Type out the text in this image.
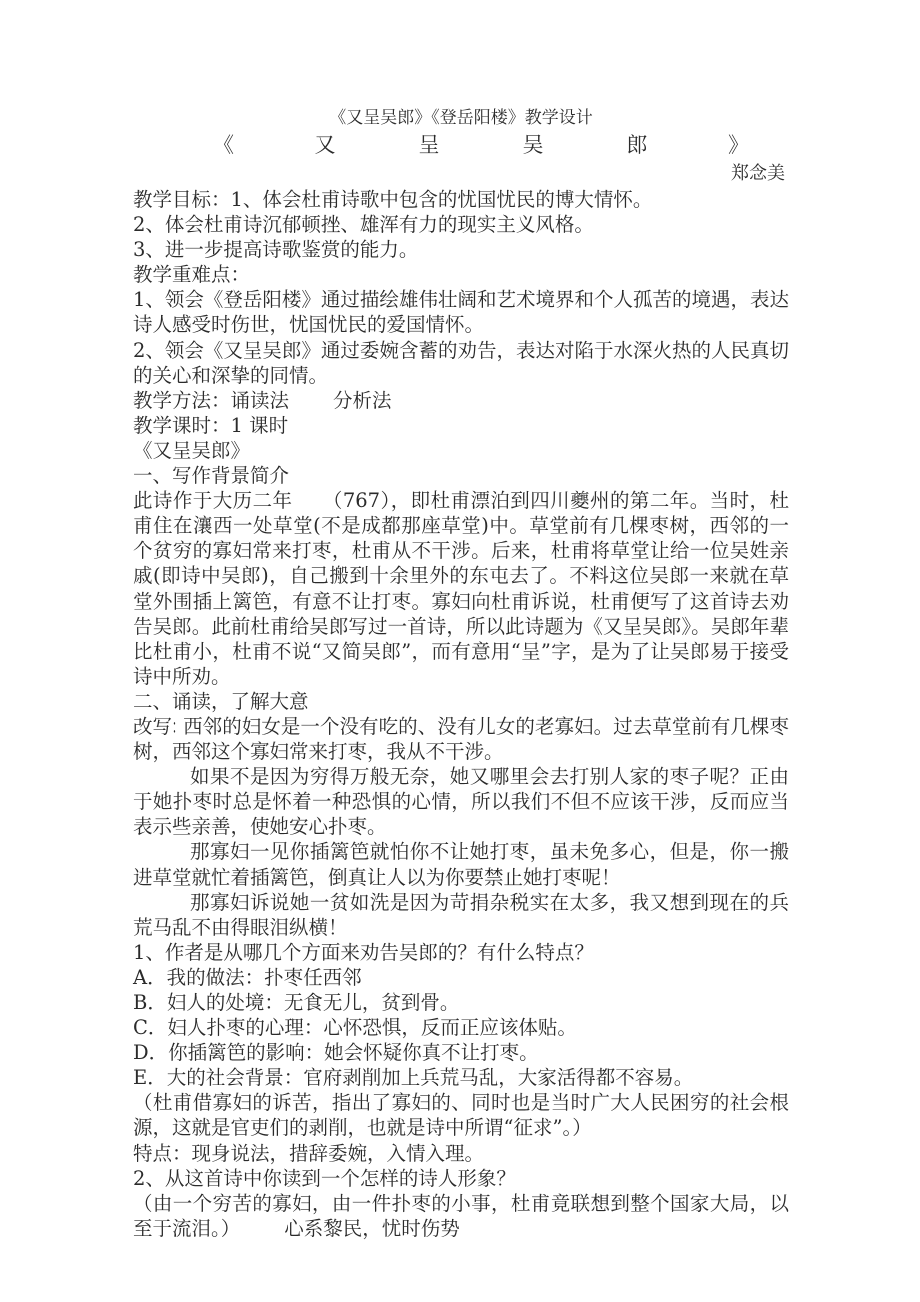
《又呈吴郎》《登岳阳楼》教学设计

《	又	呈	吴	郎	》

郑念美

教学目标：1、体会杜甫诗歌中包含的忧国忧民的博大情怀。

2、体会杜甫诗沉郁顿挫、雄浑有力的现实主义风格。

3、进一步提高诗歌鉴赏的能力。

教学重难点：

1、领会《登岳阳楼》通过描绘雄伟壮阔和艺术境界和个人孤苦的境遇，表达诗人感受时伤世，忧国忧民的爱国情怀。

2、领会《又呈吴郎》通过委婉含蓄的劝告，表达对陷于水深火热的人民真切的关心和深挚的同情。

教学方法：诵读法 分析法

教学课时：1 课时

《又呈吴郎》

一、写作背景简介

此诗作于大历二年 （767），即杜甫漂泊到四川夔州的第二年。当时，杜甫住在瀼西一处草堂(不是成都那座草堂)中。草堂前有几棵枣树，西邻的一个贫穷的寡妇常来打枣，杜甫从不干涉。后来，杜甫将草堂让给一位吴姓亲戚(即诗中吴郎)，自己搬到十余里外的东屯去了。不料这位吴郎一来就在草堂外围插上篱笆，有意不让打枣。寡妇向杜甫诉说，杜甫便写了这首诗去劝告吴郎。此前杜甫给吴郎写过一首诗，所以此诗题为《又呈吴郎》。吴郎年辈比杜甫小，杜甫不说“又简吴郎”，而有意用“呈”字，是为了让吴郎易于接受诗中所劝。

二、诵读，了解大意

改写：西邻的妇女是一个没有吃的、没有儿女的老寡妇。过去草堂前有几棵枣树，西邻这个寡妇常来打枣，我从不干涉。

如果不是因为穷得万般无奈，她又哪里会去打别人家的枣子呢？正由于她扑枣时总是怀着一种恐惧的心情，所以我们不但不应该干涉，反而应当表示些亲善，使她安心扑枣。

那寡妇一见你插篱笆就怕你不让她打枣，虽未免多心，但是，你一搬进草堂就忙着插篱笆，倒真让人以为你要禁止她打枣呢！

那寡妇诉说她一贫如洗是因为苛捐杂税实在太多，我又想到现在的兵荒马乱不由得眼泪纵横！

1、作者是从哪几个方面来劝告吴郎的？有什么特点？

A．我的做法：扑枣任西邻

B．妇人的处境：无食无儿，贫到骨。

C．妇人扑枣的心理：心怀恐惧，反而正应该体贴。

D．你插篱笆的影响：她会怀疑你真不让打枣。

E．大的社会背景：官府剥削加上兵荒马乱，大家活得都不容易。

（杜甫借寡妇的诉苦，指出了寡妇的、同时也是当时广大人民困穷的社会根源，这就是官吏们的剥削，也就是诗中所谓“征求”。）

特点：现身说法，措辞委婉，入情入理。

2、从这首诗中你读到一个怎样的诗人形象？

（由一个穷苦的寡妇，由一件扑枣的小事，杜甫竟联想到整个国家大局，以至于流泪。） 心系黎民，忧时伤势
